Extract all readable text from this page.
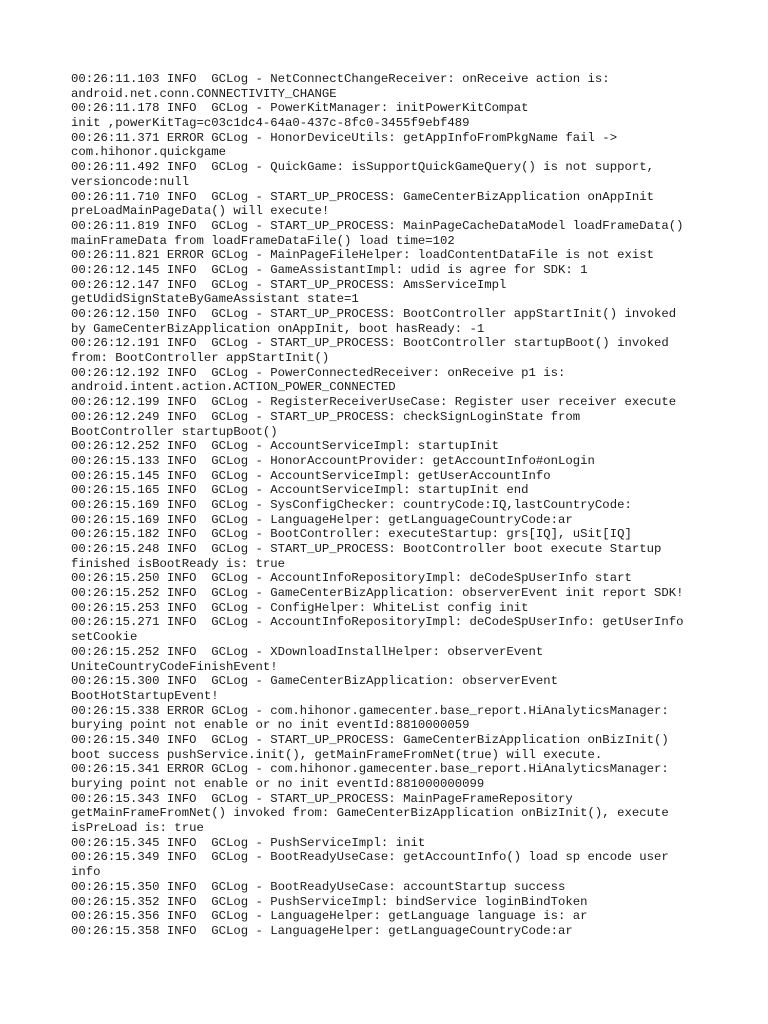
00:26:11.103 INFO  GCLog - NetConnectChangeReceiver: onReceive action is:
android.net.conn.CONNECTIVITY_CHANGE
00:26:11.178 INFO  GCLog - PowerKitManager: initPowerKitCompat
init ,powerKitTag=c03c1dc4-64a0-437c-8fc0-3455f9ebf489
00:26:11.371 ERROR GCLog - HonorDeviceUtils: getAppInfoFromPkgName fail ->
com.hihonor.quickgame
00:26:11.492 INFO  GCLog - QuickGame: isSupportQuickGameQuery() is not support,
versioncode:null
00:26:11.710 INFO  GCLog - START_UP_PROCESS: GameCenterBizApplication onAppInit
preLoadMainPageData() will execute!
00:26:11.819 INFO  GCLog - START_UP_PROCESS: MainPageCacheDataModel loadFrameData()
mainFrameData from loadFrameDataFile() load time=102
00:26:11.821 ERROR GCLog - MainPageFileHelper: loadContentDataFile is not exist
00:26:12.145 INFO  GCLog - GameAssistantImpl: udid is agree for SDK: 1
00:26:12.147 INFO  GCLog - START_UP_PROCESS: AmsServiceImpl
getUdidSignStateByGameAssistant state=1
00:26:12.150 INFO  GCLog - START_UP_PROCESS: BootController appStartInit() invoked
by GameCenterBizApplication onAppInit, boot hasReady: -1
00:26:12.191 INFO  GCLog - START_UP_PROCESS: BootController startupBoot() invoked
from: BootController appStartInit()
00:26:12.192 INFO  GCLog - PowerConnectedReceiver: onReceive p1 is:
android.intent.action.ACTION_POWER_CONNECTED
00:26:12.199 INFO  GCLog - RegisterReceiverUseCase: Register user receiver execute
00:26:12.249 INFO  GCLog - START_UP_PROCESS: checkSignLoginState from
BootController startupBoot()
00:26:12.252 INFO  GCLog - AccountServiceImpl: startupInit
00:26:15.133 INFO  GCLog - HonorAccountProvider: getAccountInfo#onLogin
00:26:15.145 INFO  GCLog - AccountServiceImpl: getUserAccountInfo
00:26:15.165 INFO  GCLog - AccountServiceImpl: startupInit end
00:26:15.169 INFO  GCLog - SysConfigChecker: countryCode:IQ,lastCountryCode:
00:26:15.169 INFO  GCLog - LanguageHelper: getLanguageCountryCode:ar
00:26:15.182 INFO  GCLog - BootController: executeStartup: grs[IQ], uSit[IQ]
00:26:15.248 INFO  GCLog - START_UP_PROCESS: BootController boot execute Startup
finished isBootReady is: true
00:26:15.250 INFO  GCLog - AccountInfoRepositoryImpl: deCodeSpUserInfo start
00:26:15.252 INFO  GCLog - GameCenterBizApplication: observerEvent init report SDK!
00:26:15.253 INFO  GCLog - ConfigHelper: WhiteList config init
00:26:15.271 INFO  GCLog - AccountInfoRepositoryImpl: deCodeSpUserInfo: getUserInfo
setCookie
00:26:15.252 INFO  GCLog - XDownloadInstallHelper: observerEvent
UniteCountryCodeFinishEvent!
00:26:15.300 INFO  GCLog - GameCenterBizApplication: observerEvent
BootHotStartupEvent!
00:26:15.338 ERROR GCLog - com.hihonor.gamecenter.base_report.HiAnalyticsManager:
burying point not enable or no init eventId:8810000059
00:26:15.340 INFO  GCLog - START_UP_PROCESS: GameCenterBizApplication onBizInit()
boot success pushService.init(), getMainFrameFromNet(true) will execute.
00:26:15.341 ERROR GCLog - com.hihonor.gamecenter.base_report.HiAnalyticsManager:
burying point not enable or no init eventId:881000000099
00:26:15.343 INFO  GCLog - START_UP_PROCESS: MainPageFrameRepository
getMainFrameFromNet() invoked from: GameCenterBizApplication onBizInit(), execute
isPreLoad is: true
00:26:15.345 INFO  GCLog - PushServiceImpl: init
00:26:15.349 INFO  GCLog - BootReadyUseCase: getAccountInfo() load sp encode user
info
00:26:15.350 INFO  GCLog - BootReadyUseCase: accountStartup success
00:26:15.352 INFO  GCLog - PushServiceImpl: bindService loginBindToken
00:26:15.356 INFO  GCLog - LanguageHelper: getLanguage language is: ar
00:26:15.358 INFO  GCLog - LanguageHelper: getLanguageCountryCode:ar
